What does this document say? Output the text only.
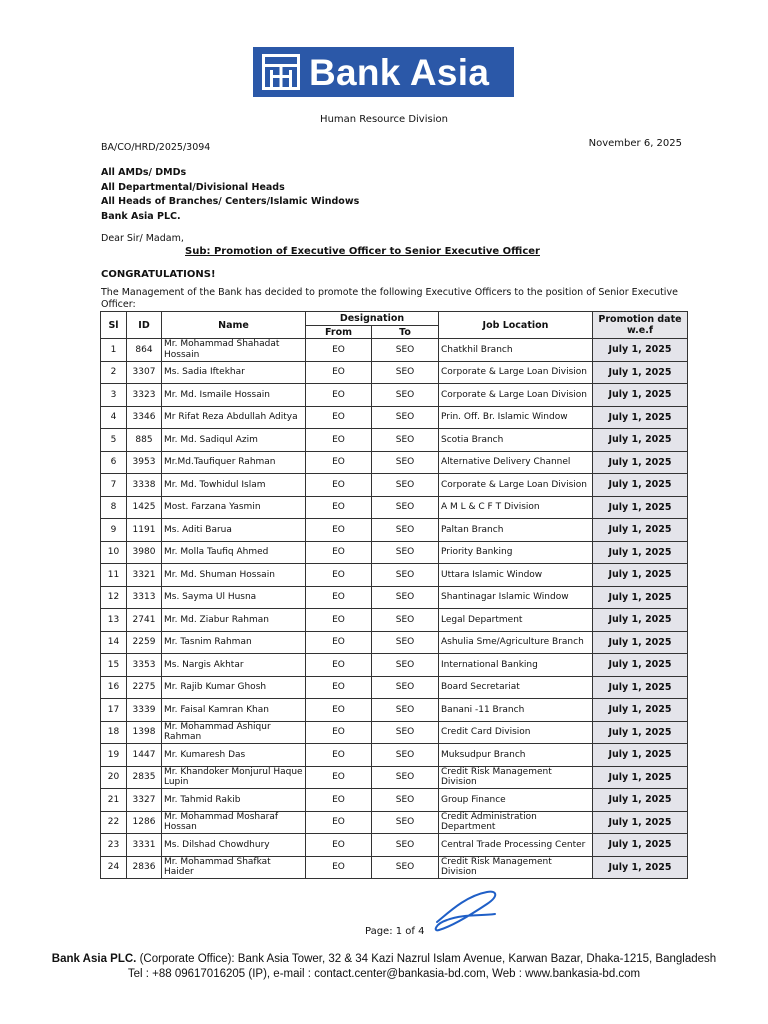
Bank Asia
Human Resource Division
BA/CO/HRD/2025/3094	November 6, 2025
All AMDs/ DMDs
All Departmental/Divisional Heads
All Heads of Branches/ Centers/Islamic Windows
Bank Asia PLC.
Dear Sir/ Madam,
Sub: Promotion of Executive Officer to Senior Executive Officer
CONGRATULATIONS!
The Management of the Bank has decided to promote the following Executive Officers to the position of Senior Executive Officer:
Sl	ID	Name	Designation		Job Location	Promotion date w.e.f
			From	To		
1	864	Mr. Mohammad Shahadat Hossain	EO	SEO	Chatkhil Branch	July 1, 2025
2	3307	Ms. Sadia Iftekhar	EO	SEO	Corporate & Large Loan Division	July 1, 2025
3	3323	Mr. Md. Ismaile Hossain	EO	SEO	Corporate & Large Loan Division	July 1, 2025
4	3346	Mr Rifat Reza Abdullah Aditya	EO	SEO	Prin. Off. Br. Islamic Window	July 1, 2025
5	885	Mr. Md. Sadiqul Azim	EO	SEO	Scotia Branch	July 1, 2025
6	3953	Mr.Md.Taufiquer Rahman	EO	SEO	Alternative Delivery Channel	July 1, 2025
7	3338	Mr. Md. Towhidul Islam	EO	SEO	Corporate & Large Loan Division	July 1, 2025
8	1425	Most. Farzana Yasmin	EO	SEO	A M L & C F T Division	July 1, 2025
9	1191	Ms. Aditi Barua	EO	SEO	Paltan Branch	July 1, 2025
10	3980	Mr. Molla Taufiq Ahmed	EO	SEO	Priority Banking	July 1, 2025
11	3321	Mr. Md. Shuman Hossain	EO	SEO	Uttara Islamic Window	July 1, 2025
12	3313	Ms. Sayma Ul Husna	EO	SEO	Shantinagar Islamic Window	July 1, 2025
13	2741	Mr. Md. Ziabur Rahman	EO	SEO	Legal Department	July 1, 2025
14	2259	Mr. Tasnim Rahman	EO	SEO	Ashulia Sme/Agriculture Branch	July 1, 2025
15	3353	Ms. Nargis Akhtar	EO	SEO	International Banking	July 1, 2025
16	2275	Mr. Rajib Kumar Ghosh	EO	SEO	Board Secretariat	July 1, 2025
17	3339	Mr. Faisal Kamran Khan	EO	SEO	Banani -11 Branch	July 1, 2025
18	1398	Mr. Mohammad Ashiqur Rahman	EO	SEO	Credit Card Division	July 1, 2025
19	1447	Mr. Kumaresh Das	EO	SEO	Muksudpur Branch	July 1, 2025
20	2835	Mr. Khandoker Monjurul Haque Lupin	EO	SEO	Credit Risk Management Division	July 1, 2025
21	3327	Mr. Tahmid Rakib	EO	SEO	Group Finance	July 1, 2025
22	1286	Mr. Mohammad Mosharaf Hossan	EO	SEO	Credit Administration Department	July 1, 2025
23	3331	Ms. Dilshad Chowdhury	EO	SEO	Central Trade Processing Center	July 1, 2025
24	2836	Mr. Mohammad Shafkat Haider	EO	SEO	Credit Risk Management Division	July 1, 2025
Page: 1 of 4
Bank Asia PLC. (Corporate Office): Bank Asia Tower, 32 & 34 Kazi Nazrul Islam Avenue, Karwan Bazar, Dhaka-1215, Bangladesh
Tel : +88 09617016205 (IP), e-mail : contact.center@bankasia-bd.com, Web : www.bankasia-bd.com
